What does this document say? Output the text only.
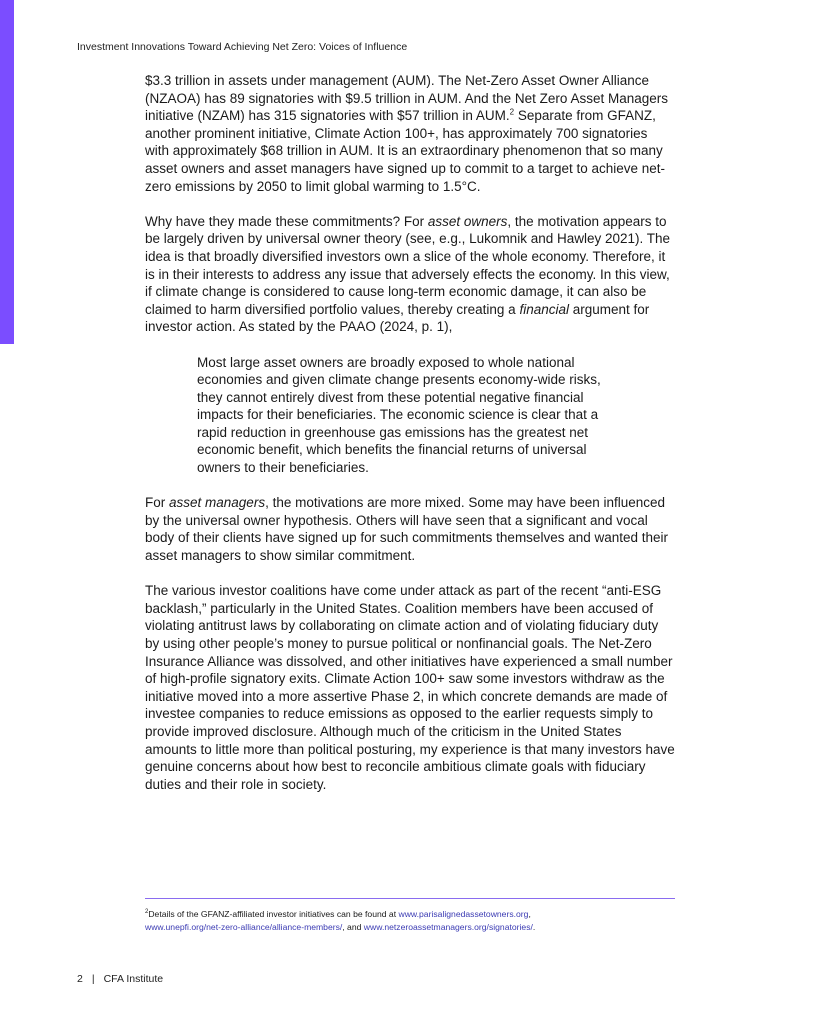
Investment Innovations Toward Achieving Net Zero: Voices of Influence

$3.3 trillion in assets under management (AUM). The Net-Zero Asset Owner Alliance (NZAOA) has 89 signatories with $9.5 trillion in AUM. And the Net Zero Asset Managers initiative (NZAM) has 315 signatories with $57 trillion in AUM.$^2$ Separate from GFANZ, another prominent initiative, Climate Action 100+, has approximately 700 signatories with approximately $68 trillion in AUM. It is an extraordinary phenomenon that so many asset owners and asset managers have signed up to commit to a target to achieve net-zero emissions by 2050 to limit global warming to 1.5°C.

Why have they made these commitments? For asset owners, the motivation appears to be largely driven by universal owner theory (see, e.g., Lukomnik and Hawley 2021). The idea is that broadly diversified investors own a slice of the whole economy. Therefore, it is in their interests to address any issue that adversely effects the economy. In this view, if climate change is considered to cause long-term economic damage, it can also be claimed to harm diversified portfolio values, thereby creating a financial argument for investor action. As stated by the PAAO (2024, p. 1),

Most large asset owners are broadly exposed to whole national economies and given climate change presents economy-wide risks, they cannot entirely divest from these potential negative financial impacts for their beneficiaries. The economic science is clear that a rapid reduction in greenhouse gas emissions has the greatest net economic benefit, which benefits the financial returns of universal owners to their beneficiaries.

For asset managers, the motivations are more mixed. Some may have been influenced by the universal owner hypothesis. Others will have seen that a significant and vocal body of their clients have signed up for such commitments themselves and wanted their asset managers to show similar commitment.

The various investor coalitions have come under attack as part of the recent “anti-ESG backlash,” particularly in the United States. Coalition members have been accused of violating antitrust laws by collaborating on climate action and of violating fiduciary duty by using other people’s money to pursue political or nonfinancial goals. The Net-Zero Insurance Alliance was dissolved, and other initiatives have experienced a small number of high-profile signatory exits. Climate Action 100+ saw some investors withdraw as the initiative moved into a more assertive Phase 2, in which concrete demands are made of investee companies to reduce emissions as opposed to the earlier requests simply to provide improved disclosure. Although much of the criticism in the United States amounts to little more than political posturing, my experience is that many investors have genuine concerns about how best to reconcile ambitious climate goals with fiduciary duties and their role in society.

$^2$Details of the GFANZ-affiliated investor initiatives can be found at www.parisalignedassetowners.org,
www.unepfi.org/net-zero-alliance/alliance-members/, and www.netzeroassetmanagers.org/signatories/.
2 | CFA Institute
